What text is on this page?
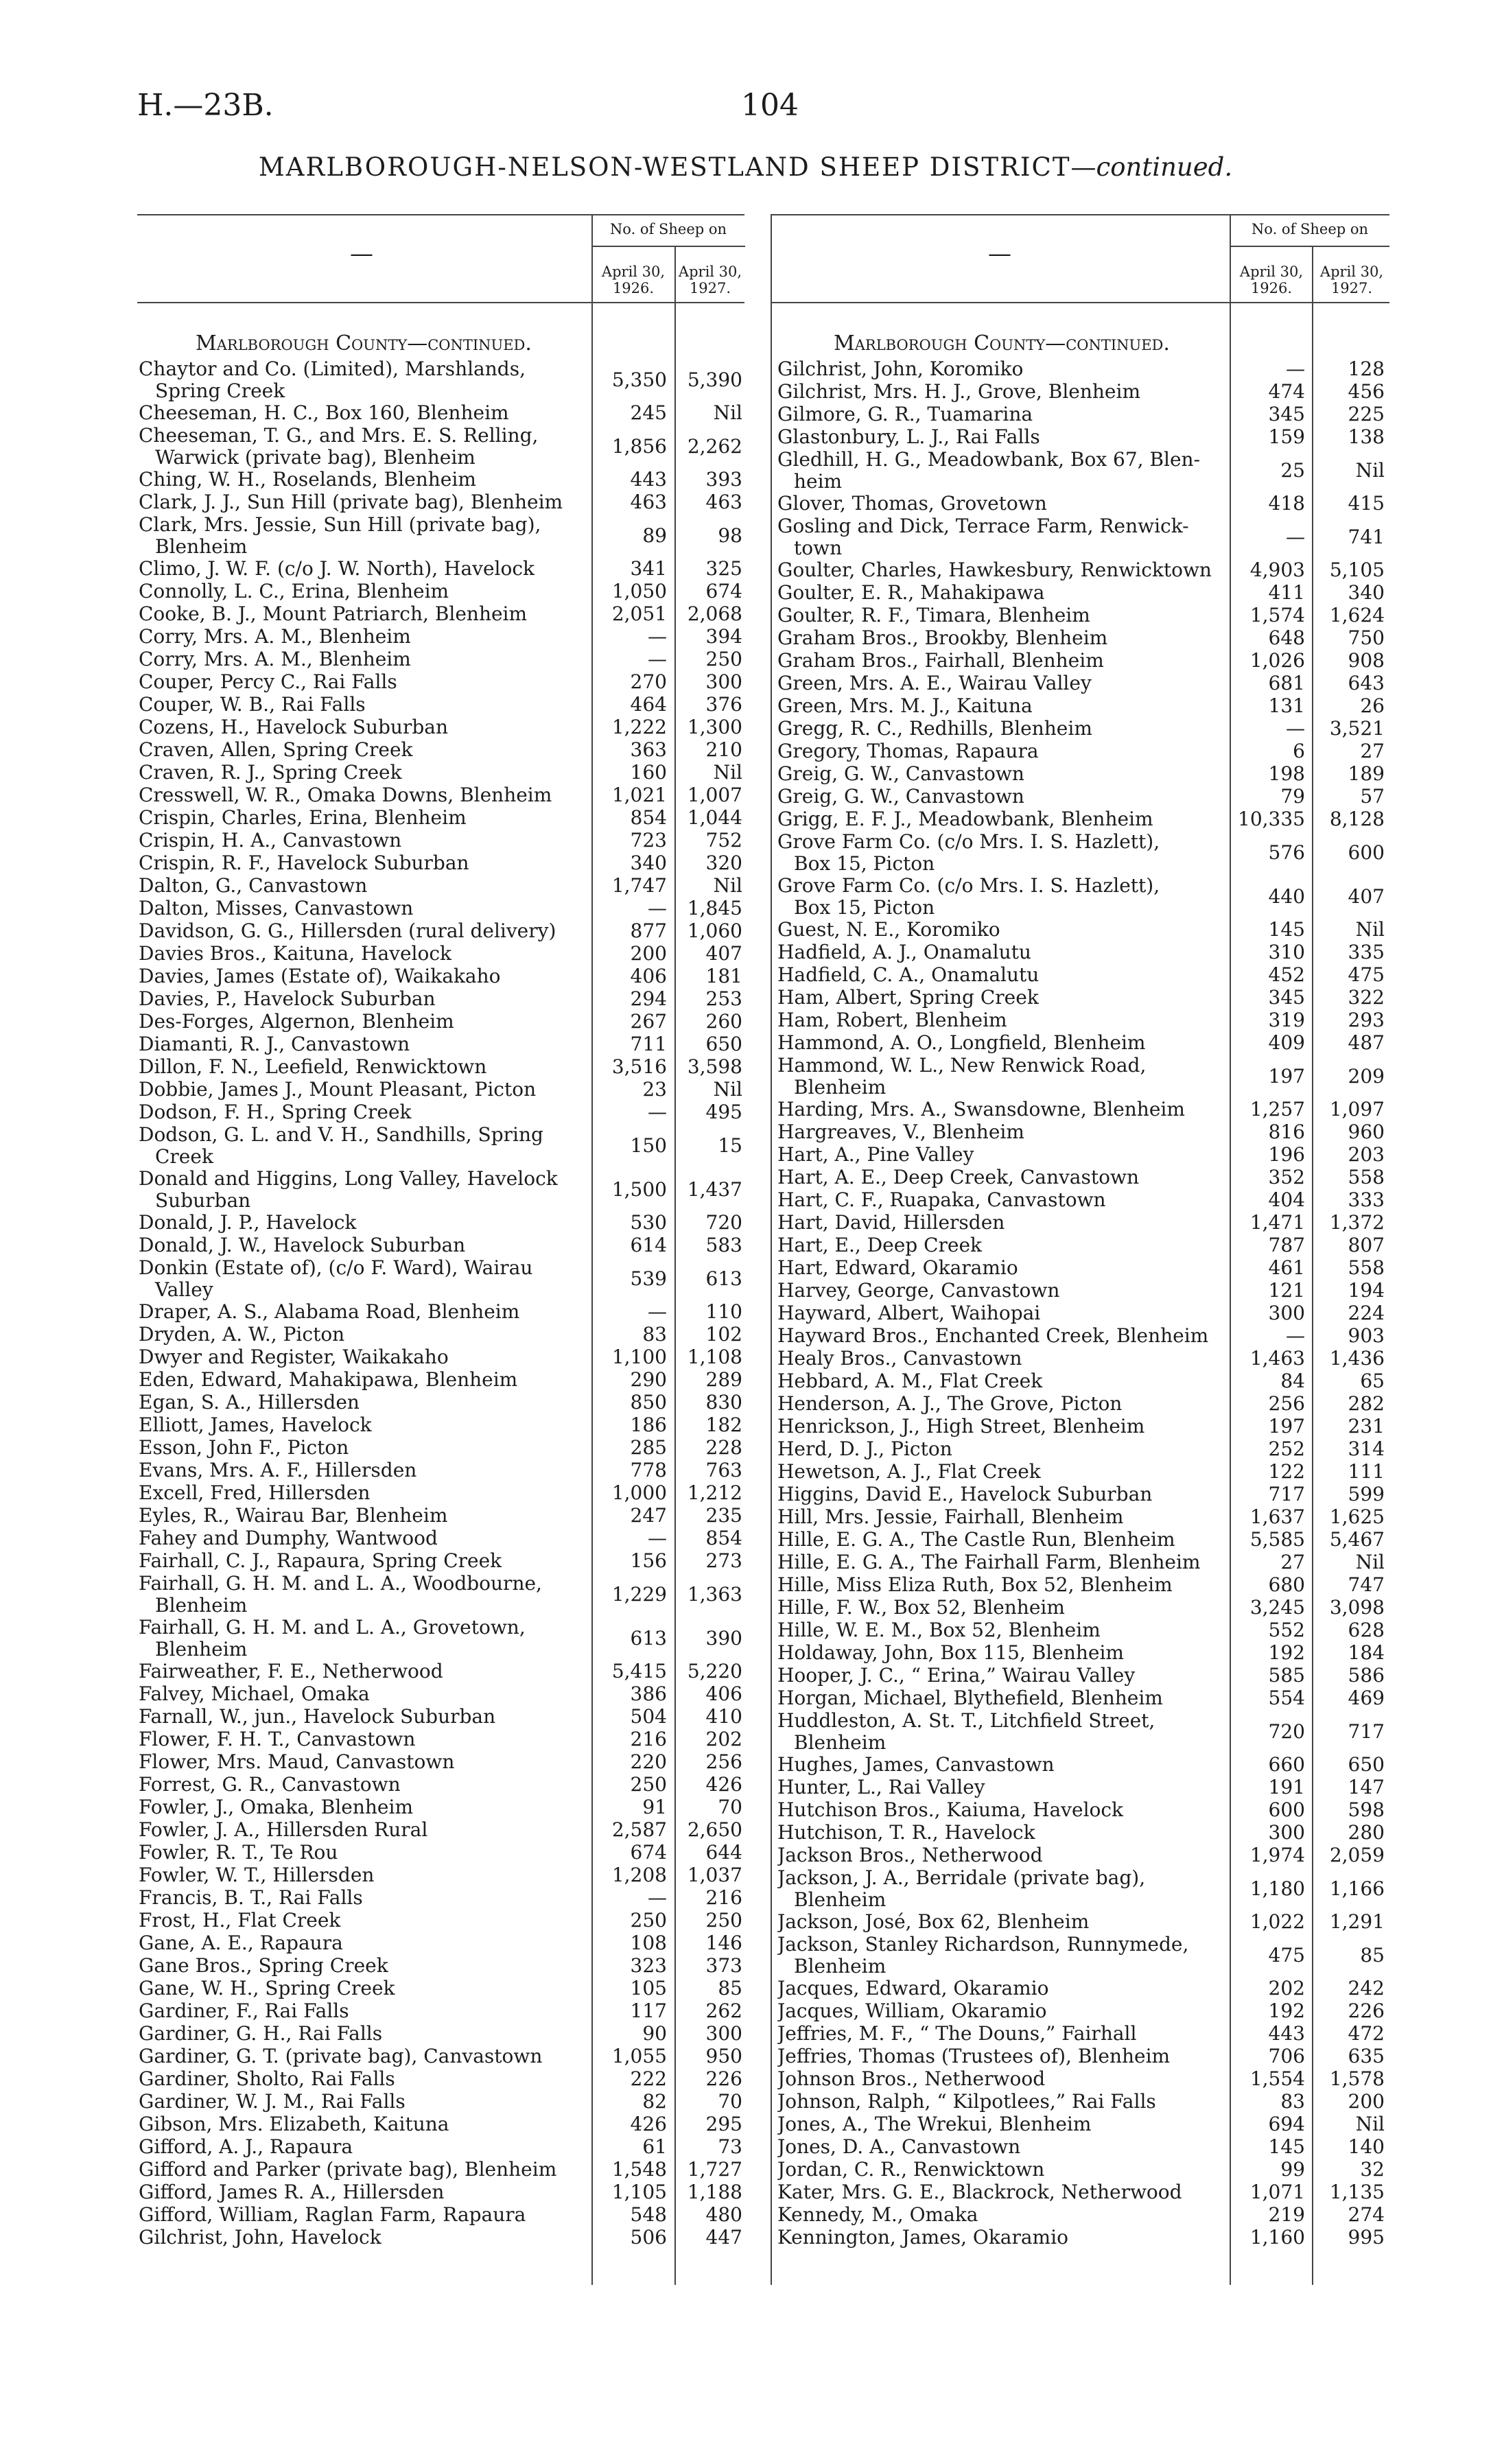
H.—23B.	104
MARLBOROUGH-NELSON-WESTLAND SHEEP DISTRICT—continued.
—
No. of Sheep on
April 30, 1926.
April 30, 1927.
—
No. of Sheep on
April 30, 1926.
April 30, 1927.
Marlborough County—continued.	Marlborough County—continued.
Chaytor and Co. (Limited), Marshlands,
Spring Creek	5,350	5,390
Cheeseman, H. C., Box 160, Blenheim	245	Nil
Cheeseman, T. G., and Mrs. E. S. Relling,
Warwick (private bag), Blenheim	1,856	2,262
Ching, W. H., Roselands, Blenheim	443	393
Clark, J. J., Sun Hill (private bag), Blenheim	463	463
Clark, Mrs. Jessie, Sun Hill (private bag),
Blenheim	89	98
Climo, J. W. F. (c/o J. W. North), Havelock	341	325
Connolly, L. C., Erina, Blenheim	1,050	674
Cooke, B. J., Mount Patriarch, Blenheim	2,051	2,068
Corry, Mrs. A. M., Blenheim	—	394
Corry, Mrs. A. M., Blenheim	—	250
Couper, Percy C., Rai Falls	270	300
Couper, W. B., Rai Falls	464	376
Cozens, H., Havelock Suburban	1,222	1,300
Craven, Allen, Spring Creek	363	210
Craven, R. J., Spring Creek	160	Nil
Cresswell, W. R., Omaka Downs, Blenheim	1,021	1,007
Crispin, Charles, Erina, Blenheim	854	1,044
Crispin, H. A., Canvastown	723	752
Crispin, R. F., Havelock Suburban	340	320
Dalton, G., Canvastown	1,747	Nil
Dalton, Misses, Canvastown	—	1,845
Davidson, G. G., Hillersden (rural delivery)	877	1,060
Davies Bros., Kaituna, Havelock	200	407
Davies, James (Estate of), Waikakaho	406	181
Davies, P., Havelock Suburban	294	253
Des-Forges, Algernon, Blenheim	267	260
Diamanti, R. J., Canvastown	711	650
Dillon, F. N., Leefield, Renwicktown	3,516	3,598
Dobbie, James J., Mount Pleasant, Picton	23	Nil
Dodson, F. H., Spring Creek	—	495
Dodson, G. L. and V. H., Sandhills, Spring
Creek	150	15
Donald and Higgins, Long Valley, Havelock
Suburban	1,500	1,437
Donald, J. P., Havelock	530	720
Donald, J. W., Havelock Suburban	614	583
Donkin (Estate of), (c/o F. Ward), Wairau
Valley	539	613
Draper, A. S., Alabama Road, Blenheim	—	110
Dryden, A. W., Picton	83	102
Dwyer and Register, Waikakaho	1,100	1,108
Eden, Edward, Mahakipawa, Blenheim	290	289
Egan, S. A., Hillersden	850	830
Elliott, James, Havelock	186	182
Esson, John F., Picton	285	228
Evans, Mrs. A. F., Hillersden	778	763
Excell, Fred, Hillersden	1,000	1,212
Eyles, R., Wairau Bar, Blenheim	247	235
Fahey and Dumphy, Wantwood	—	854
Fairhall, C. J., Rapaura, Spring Creek	156	273
Fairhall, G. H. M. and L. A., Woodbourne,
Blenheim	1,229	1,363
Fairhall, G. H. M. and L. A., Grovetown,
Blenheim	613	390
Fairweather, F. E., Netherwood	5,415	5,220
Falvey, Michael, Omaka	386	406
Farnall, W., jun., Havelock Suburban	504	410
Flower, F. H. T., Canvastown	216	202
Flower, Mrs. Maud, Canvastown	220	256
Forrest, G. R., Canvastown	250	426
Fowler, J., Omaka, Blenheim	91	70
Fowler, J. A., Hillersden Rural	2,587	2,650
Fowler, R. T., Te Rou	674	644
Fowler, W. T., Hillersden	1,208	1,037
Francis, B. T., Rai Falls	—	216
Frost, H., Flat Creek	250	250
Gane, A. E., Rapaura	108	146
Gane Bros., Spring Creek	323	373
Gane, W. H., Spring Creek	105	85
Gardiner, F., Rai Falls	117	262
Gardiner, G. H., Rai Falls	90	300
Gardiner, G. T. (private bag), Canvastown	1,055	950
Gardiner, Sholto, Rai Falls	222	226
Gardiner, W. J. M., Rai Falls	82	70
Gibson, Mrs. Elizabeth, Kaituna	426	295
Gifford, A. J., Rapaura	61	73
Gifford and Parker (private bag), Blenheim	1,548	1,727
Gifford, James R. A., Hillersden	1,105	1,188
Gifford, William, Raglan Farm, Rapaura	548	480
Gilchrist, John, Havelock	506	447
Gilchrist, John, Koromiko	—	128
Gilchrist, Mrs. H. J., Grove, Blenheim	474	456
Gilmore, G. R., Tuamarina	345	225
Glastonbury, L. J., Rai Falls	159	138
Gledhill, H. G., Meadowbank, Box 67, Blen-
heim	25	Nil
Glover, Thomas, Grovetown	418	415
Gosling and Dick, Terrace Farm, Renwick-
town	—	741
Goulter, Charles, Hawkesbury, Renwicktown	4,903	5,105
Goulter, E. R., Mahakipawa	411	340
Goulter, R. F., Timara, Blenheim	1,574	1,624
Graham Bros., Brookby, Blenheim	648	750
Graham Bros., Fairhall, Blenheim	1,026	908
Green, Mrs. A. E., Wairau Valley	681	643
Green, Mrs. M. J., Kaituna	131	26
Gregg, R. C., Redhills, Blenheim	—	3,521
Gregory, Thomas, Rapaura	6	27
Greig, G. W., Canvastown	198	189
Greig, G. W., Canvastown	79	57
Grigg, E. F. J., Meadowbank, Blenheim	10,335	8,128
Grove Farm Co. (c/o Mrs. I. S. Hazlett),
Box 15, Picton	576	600
Grove Farm Co. (c/o Mrs. I. S. Hazlett),
Box 15, Picton	440	407
Guest, N. E., Koromiko	145	Nil
Hadfield, A. J., Onamalutu	310	335
Hadfield, C. A., Onamalutu	452	475
Ham, Albert, Spring Creek	345	322
Ham, Robert, Blenheim	319	293
Hammond, A. O., Longfield, Blenheim	409	487
Hammond, W. L., New Renwick Road,
Blenheim	197	209
Harding, Mrs. A., Swansdowne, Blenheim	1,257	1,097
Hargreaves, V., Blenheim	816	960
Hart, A., Pine Valley	196	203
Hart, A. E., Deep Creek, Canvastown	352	558
Hart, C. F., Ruapaka, Canvastown	404	333
Hart, David, Hillersden	1,471	1,372
Hart, E., Deep Creek	787	807
Hart, Edward, Okaramio	461	558
Harvey, George, Canvastown	121	194
Hayward, Albert, Waihopai	300	224
Hayward Bros., Enchanted Creek, Blenheim	—	903
Healy Bros., Canvastown	1,463	1,436
Hebbard, A. M., Flat Creek	84	65
Henderson, A. J., The Grove, Picton	256	282
Henrickson, J., High Street, Blenheim	197	231
Herd, D. J., Picton	252	314
Hewetson, A. J., Flat Creek	122	111
Higgins, David E., Havelock Suburban	717	599
Hill, Mrs. Jessie, Fairhall, Blenheim	1,637	1,625
Hille, E. G. A., The Castle Run, Blenheim	5,585	5,467
Hille, E. G. A., The Fairhall Farm, Blenheim	27	Nil
Hille, Miss Eliza Ruth, Box 52, Blenheim	680	747
Hille, F. W., Box 52, Blenheim	3,245	3,098
Hille, W. E. M., Box 52, Blenheim	552	628
Holdaway, John, Box 115, Blenheim	192	184
Hooper, J. C., “ Erina,” Wairau Valley	585	586
Horgan, Michael, Blythefield, Blenheim	554	469
Huddleston, A. St. T., Litchfield Street,
Blenheim	720	717
Hughes, James, Canvastown	660	650
Hunter, L., Rai Valley	191	147
Hutchison Bros., Kaiuma, Havelock	600	598
Hutchison, T. R., Havelock	300	280
Jackson Bros., Netherwood	1,974	2,059
Jackson, J. A., Berridale (private bag),
Blenheim	1,180	1,166
Jackson, José, Box 62, Blenheim	1,022	1,291
Jackson, Stanley Richardson, Runnymede,
Blenheim	475	85
Jacques, Edward, Okaramio	202	242
Jacques, William, Okaramio	192	226
Jeffries, M. F., “ The Douns,” Fairhall	443	472
Jeffries, Thomas (Trustees of), Blenheim	706	635
Johnson Bros., Netherwood	1,554	1,578
Johnson, Ralph, “ Kilpotlees,” Rai Falls	83	200
Jones, A., The Wrekui, Blenheim	694	Nil
Jones, D. A., Canvastown	145	140
Jordan, C. R., Renwicktown	99	32
Kater, Mrs. G. E., Blackrock, Netherwood	1,071	1,135
Kennedy, M., Omaka	219	274
Kennington, James, Okaramio	1,160	995
